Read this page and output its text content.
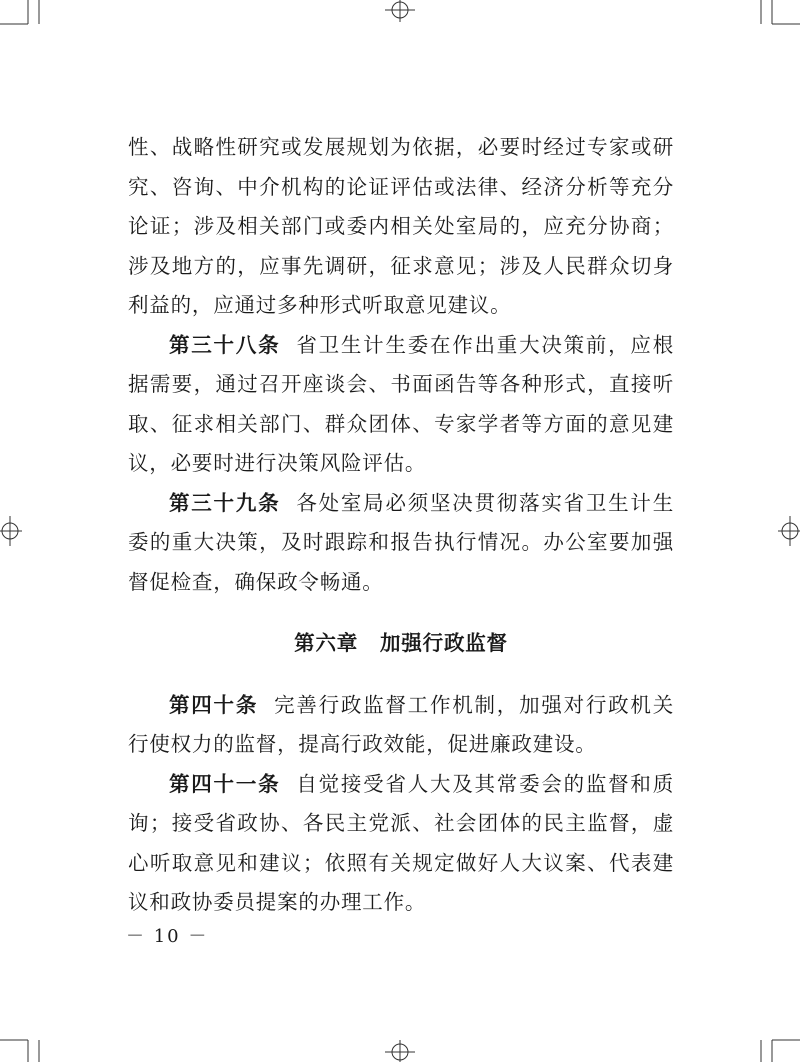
性、战略性研究或发展规划为依据，必要时经过专家或研究、咨询、中介机构的论证评估或法律、经济分析等充分论证；涉及相关部门或委内相关处室局的，应充分协商；涉及地方的，应事先调研，征求意见；涉及人民群众切身利益的，应通过多种形式听取意见建议。

第三十八条 省卫生计生委在作出重大决策前，应根据需要，通过召开座谈会、书面函告等各种形式，直接听取、征求相关部门、群众团体、专家学者等方面的意见建议，必要时进行决策风险评估。

第三十九条 各处室局必须坚决贯彻落实省卫生计生委的重大决策，及时跟踪和报告执行情况。办公室要加强督促检查，确保政令畅通。

第六章 加强行政监督

第四十条 完善行政监督工作机制，加强对行政机关行使权力的监督，提高行政效能，促进廉政建设。

第四十一条 自觉接受省人大及其常委会的监督和质询；接受省政协、各民主党派、社会团体的民主监督，虚心听取意见和建议；依照有关规定做好人大议案、代表建议和政协委员提案的办理工作。

－ 10 －
